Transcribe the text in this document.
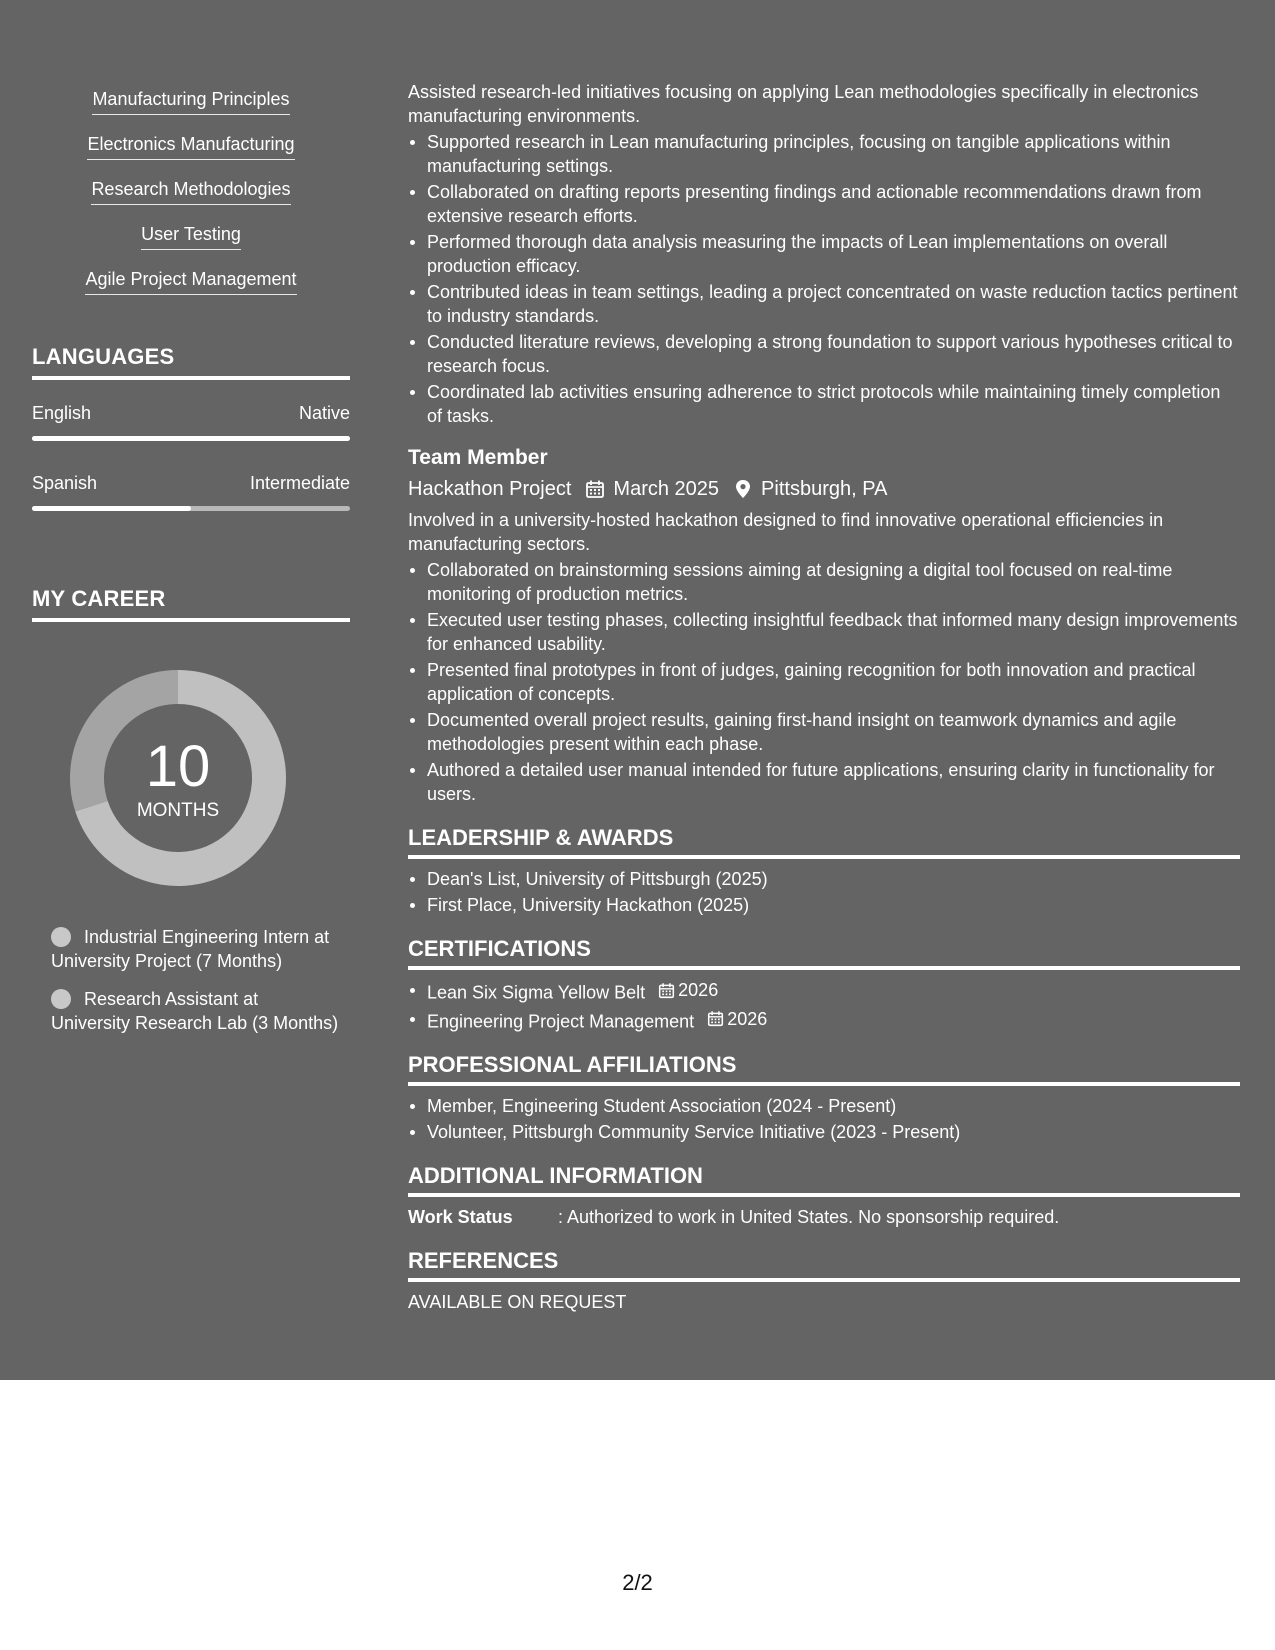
Manufacturing Principles
Electronics Manufacturing
Research Methodologies
User Testing
Agile Project Management
LANGUAGES
English	Native
Spanish	Intermediate
MY CAREER
10
MONTHS
Industrial Engineering Intern at University Project (7 Months)
Research Assistant at University Research Lab (3 Months)

Assisted research-led initiatives focusing on applying Lean methodologies specifically in electronics manufacturing environments.

Supported research in Lean manufacturing principles, focusing on tangible applications within manufacturing settings.
Collaborated on drafting reports presenting findings and actionable recommendations drawn from extensive research efforts.
Performed thorough data analysis measuring the impacts of Lean implementations on overall production efficacy.
Contributed ideas in team settings, leading a project concentrated on waste reduction tactics pertinent to industry standards.
Conducted literature reviews, developing a strong foundation to support various hypotheses critical to research focus.
Coordinated lab activities ensuring adherence to strict protocols while maintaining timely completion of tasks.
Team Member
Hackathon Project March 2025 Pittsburgh, PA

Involved in a university-hosted hackathon designed to find innovative operational efficiencies in manufacturing sectors.

Collaborated on brainstorming sessions aiming at designing a digital tool focused on real-time monitoring of production metrics.
Executed user testing phases, collecting insightful feedback that informed many design improvements for enhanced usability.
Presented final prototypes in front of judges, gaining recognition for both innovation and practical application of concepts.
Documented overall project results, gaining first-hand insight on teamwork dynamics and agile methodologies present within each phase.
Authored a detailed user manual intended for future applications, ensuring clarity in functionality for users.
LEADERSHIP & AWARDS
Dean's List, University of Pittsburgh (2025)
First Place, University Hackathon (2025)
CERTIFICATIONS
Lean Six Sigma Yellow Belt 2026
Engineering Project Management 2026
PROFESSIONAL AFFILIATIONS
Member, Engineering Student Association (2024 - Present)
Volunteer, Pittsburgh Community Service Initiative (2023 - Present)
ADDITIONAL INFORMATION
Work Status	: Authorized to work in United States. No sponsorship required.
REFERENCES
AVAILABLE ON REQUEST
2/2
